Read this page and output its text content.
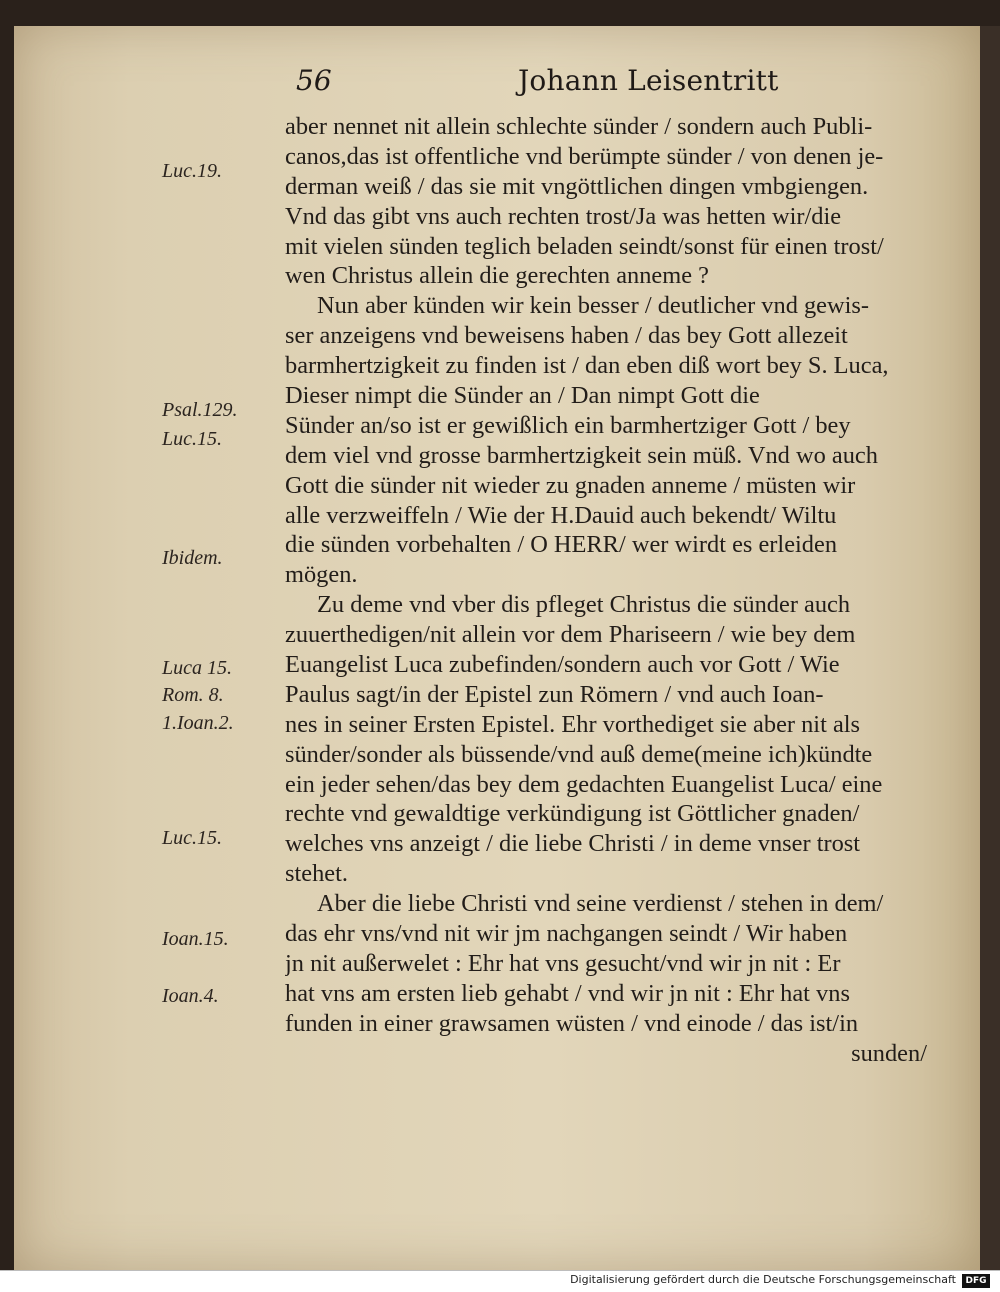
56	Johann Leisentritt
Luc.19.
Psal.129.
Luc.15.
Ibidem.
Luca 15.
Rom. 8.
1.Ioan.2.
Luc.15.
Ioan.15.
Ioan.4.
aber nennet nit allein schlechte sünder / sondern auch Publi-
canos,das ist offentliche vnd berümpte sünder / von denen je-
derman weiß / das sie mit vngöttlichen dingen vmbgiengen.
Vnd das gibt vns auch rechten trost/Ja was hetten wir/die
mit vielen sünden teglich beladen seindt/sonst für einen trost/
wen Christus allein die gerechten anneme ?
Nun aber künden wir kein besser / deutlicher vnd gewis-
ser anzeigens vnd beweisens haben / das bey Gott allezeit
barmhertzigkeit zu finden ist / dan eben diß wort bey S. Luca,
Dieser nimpt die Sünder an / Dan nimpt Gott die
Sünder an/so ist er gewißlich ein barmhertziger Gott / bey
dem viel vnd grosse barmhertzigkeit sein müß. Vnd wo auch
Gott die sünder nit wieder zu gnaden anneme / müsten wir
alle verzweiffeln / Wie der H.Dauid auch bekendt/ Wiltu
die sünden vorbehalten / O HERR/ wer wirdt es erleiden
mögen.
Zu deme vnd vber dis pfleget Christus die sünder auch
zuuerthedigen/nit allein vor dem Phariseern / wie bey dem
Euangelist Luca zubefinden/sondern auch vor Gott / Wie
Paulus sagt/in der Epistel zun Römern / vnd auch Ioan-
nes in seiner Ersten Epistel. Ehr vorthediget sie aber nit als
sünder/sonder als büssende/vnd auß deme(meine ich)kündte
ein jeder sehen/das bey dem gedachten Euangelist Luca/ eine
rechte vnd gewaldtige verkündigung ist Göttlicher gnaden/
welches vns anzeigt / die liebe Christi / in deme vnser trost
stehet.
Aber die liebe Christi vnd seine verdienst / stehen in dem/
das ehr vns/vnd nit wir jm nachgangen seindt / Wir haben
jn nit außerwelet : Ehr hat vns gesucht/vnd wir jn nit : Er
hat vns am ersten lieb gehabt / vnd wir jn nit : Ehr hat vns
funden in einer grawsamen wüsten / vnd einode / das ist/in
sunden/
Digitalisierung gefördert durch die Deutsche Forschungsgemeinschaft	DFG
